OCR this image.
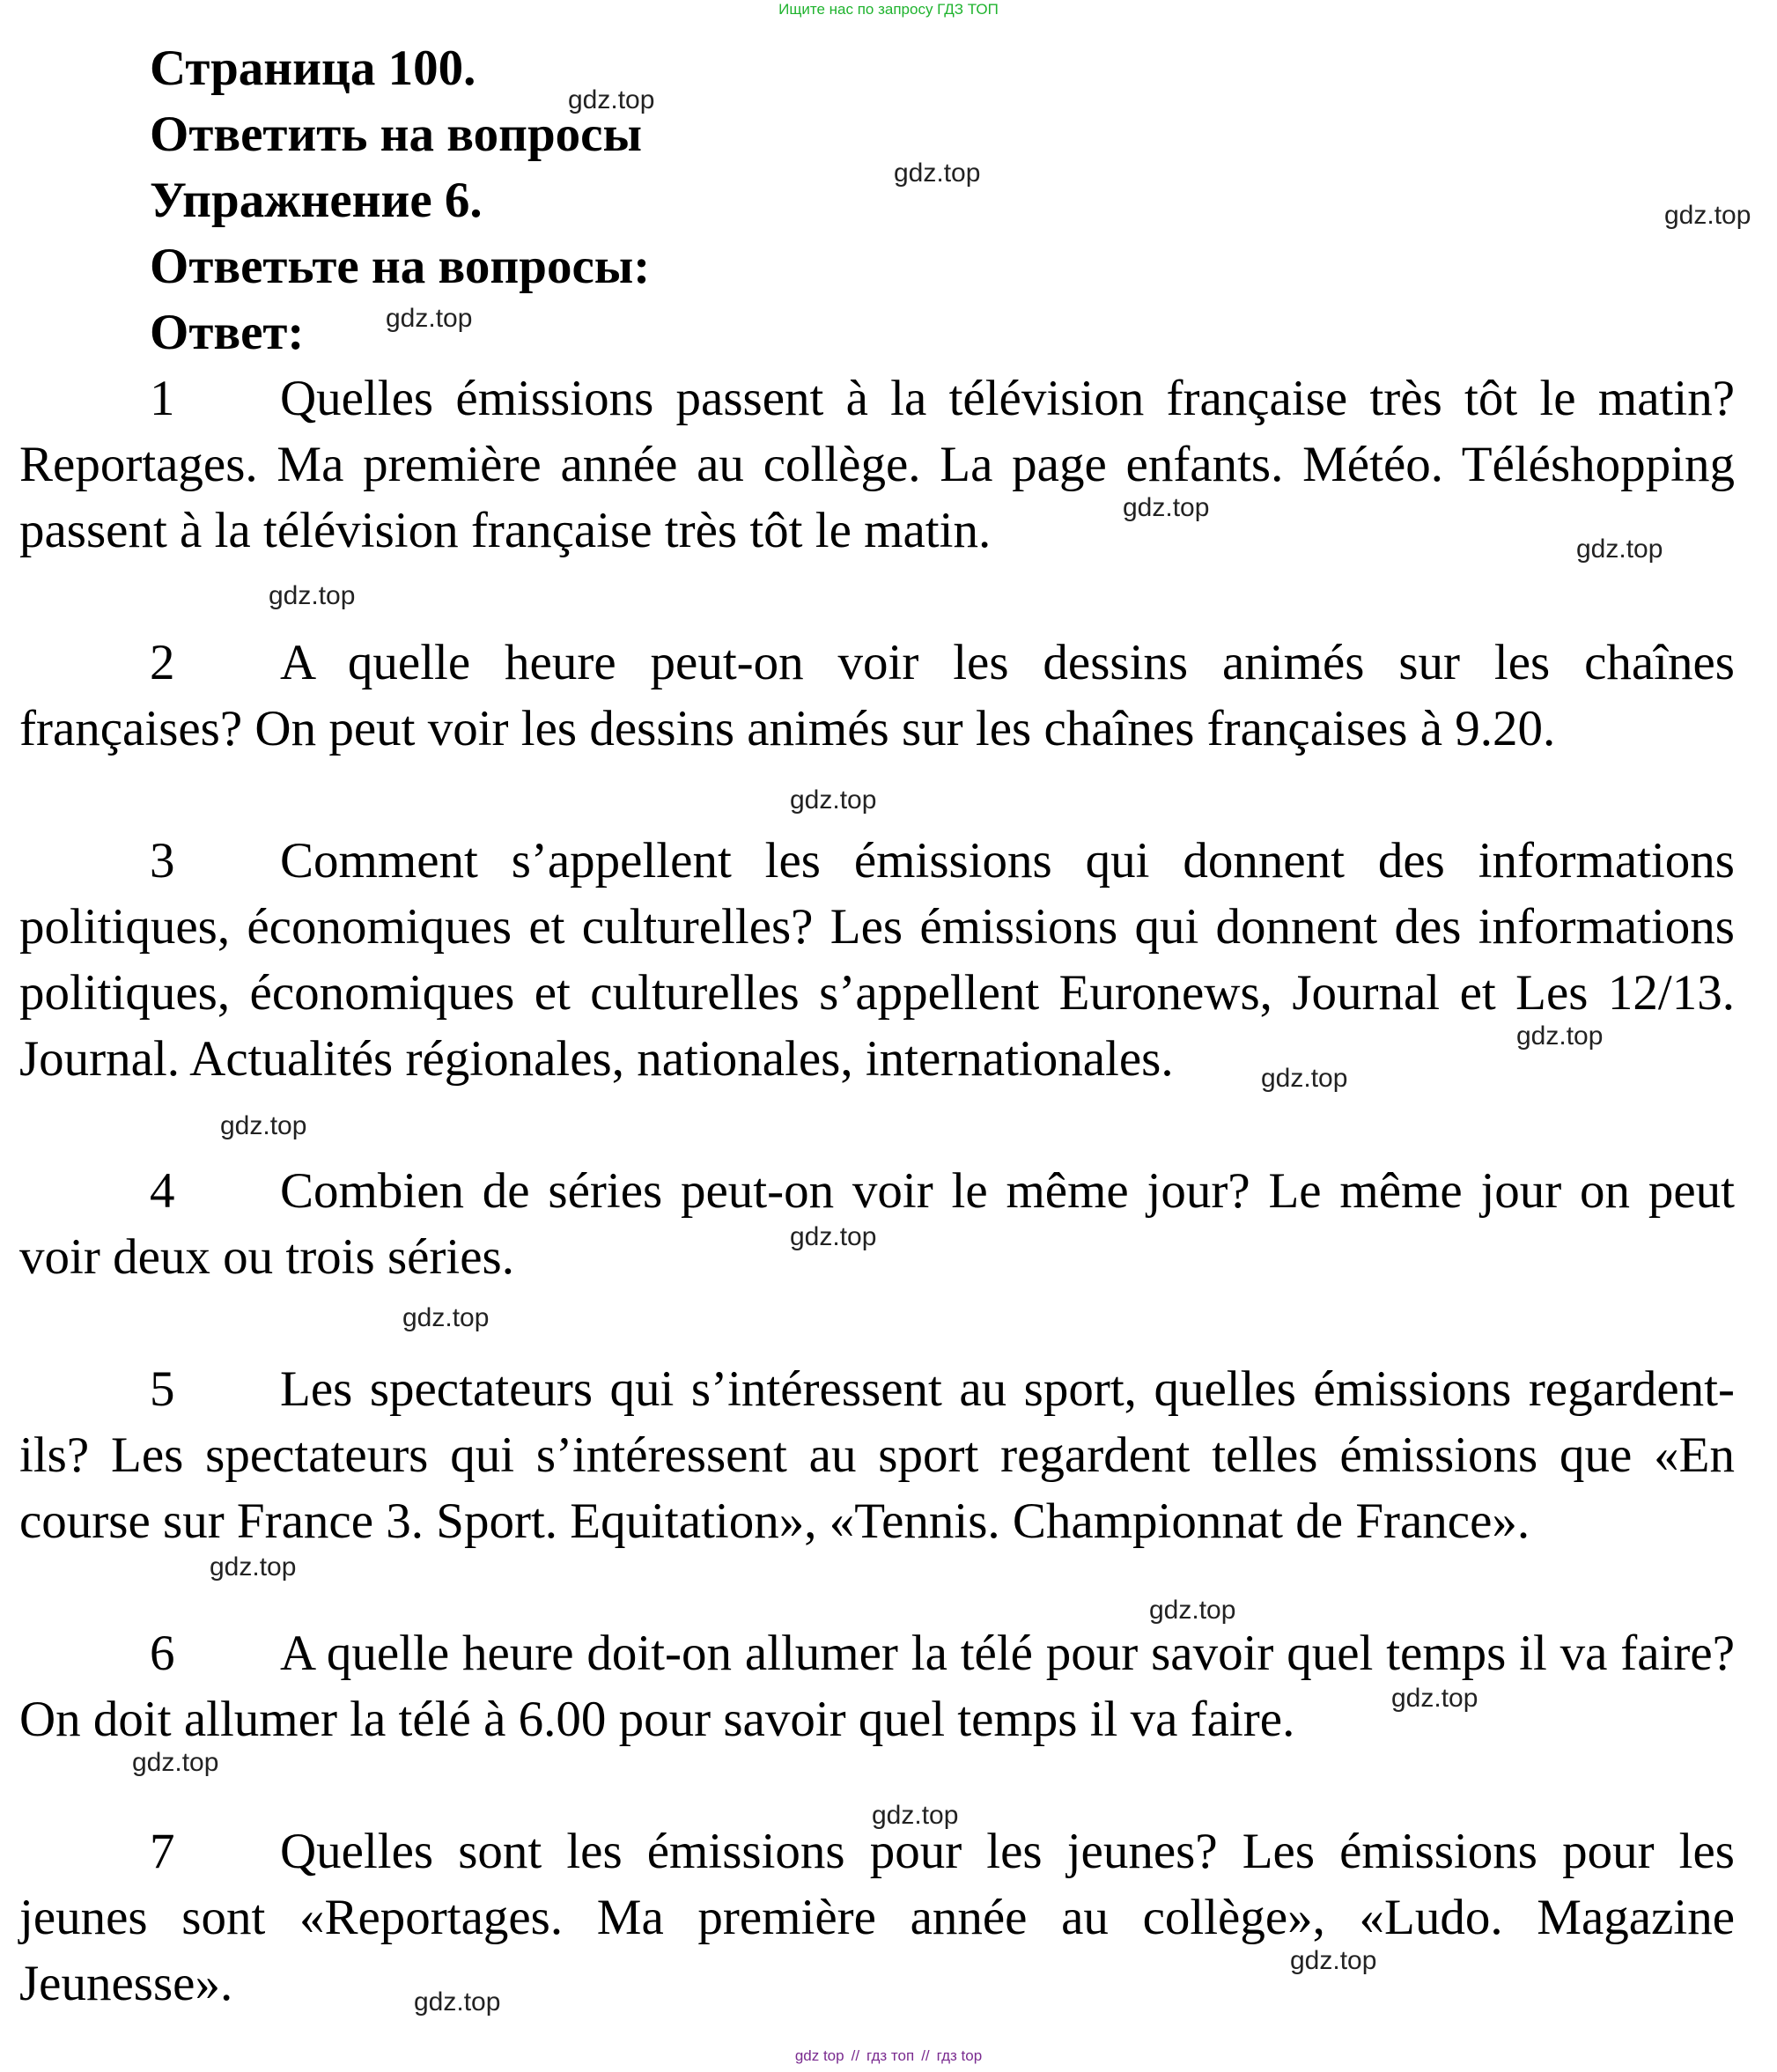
Ищите нас по запросу ГДЗ ТОП
Страница 100.
Ответить на вопросы
Упражнение 6.
Ответьте на вопросы:
Ответ:

1 Quelles émissions passent à la télévision française très tôt le matin? Reportages. Ma première année au collège. La page enfants. Météo. Téléshopping passent à la télévision française très tôt le matin.

2 A quelle heure peut-on voir les dessins animés sur les chaînes françaises? On peut voir les dessins animés sur les chaînes françaises à 9.20.

3 Comment s’appellent les émissions qui donnent des informations politiques, économiques et culturelles? Les émissions qui donnent des informations politiques, économiques et culturelles s’appellent Euronews, Journal et Les 12/13. Journal. Actualités régionales, nationales, internationales.

4 Combien de séries peut-on voir le même jour? Le même jour on peut voir deux ou trois séries.

5 Les spectateurs qui s’intéressent au sport, quelles émissions regardent-ils? Les spectateurs qui s’intéressent au sport regardent telles émissions que «En course sur France 3. Sport. Equitation», «Tennis. Championnat de France».

6 A quelle heure doit-on allumer la télé pour savoir quel temps il va faire? On doit allumer la télé à 6.00 pour savoir quel temps il va faire.

7 Quelles sont les émissions pour les jeunes? Les émissions pour les jeunes sont «Reportages. Ma première année au collège», «Ludo. Magazine Jeunesse».

gdz.top
gdz.top
gdz.top
gdz.top
gdz.top
gdz.top
gdz.top
gdz.top
gdz.top
gdz.top
gdz.top
gdz.top
gdz.top
gdz.top
gdz.top
gdz.top
gdz.top
gdz.top
gdz.top
gdz.top
gdz top // гдз топ // гдз top
